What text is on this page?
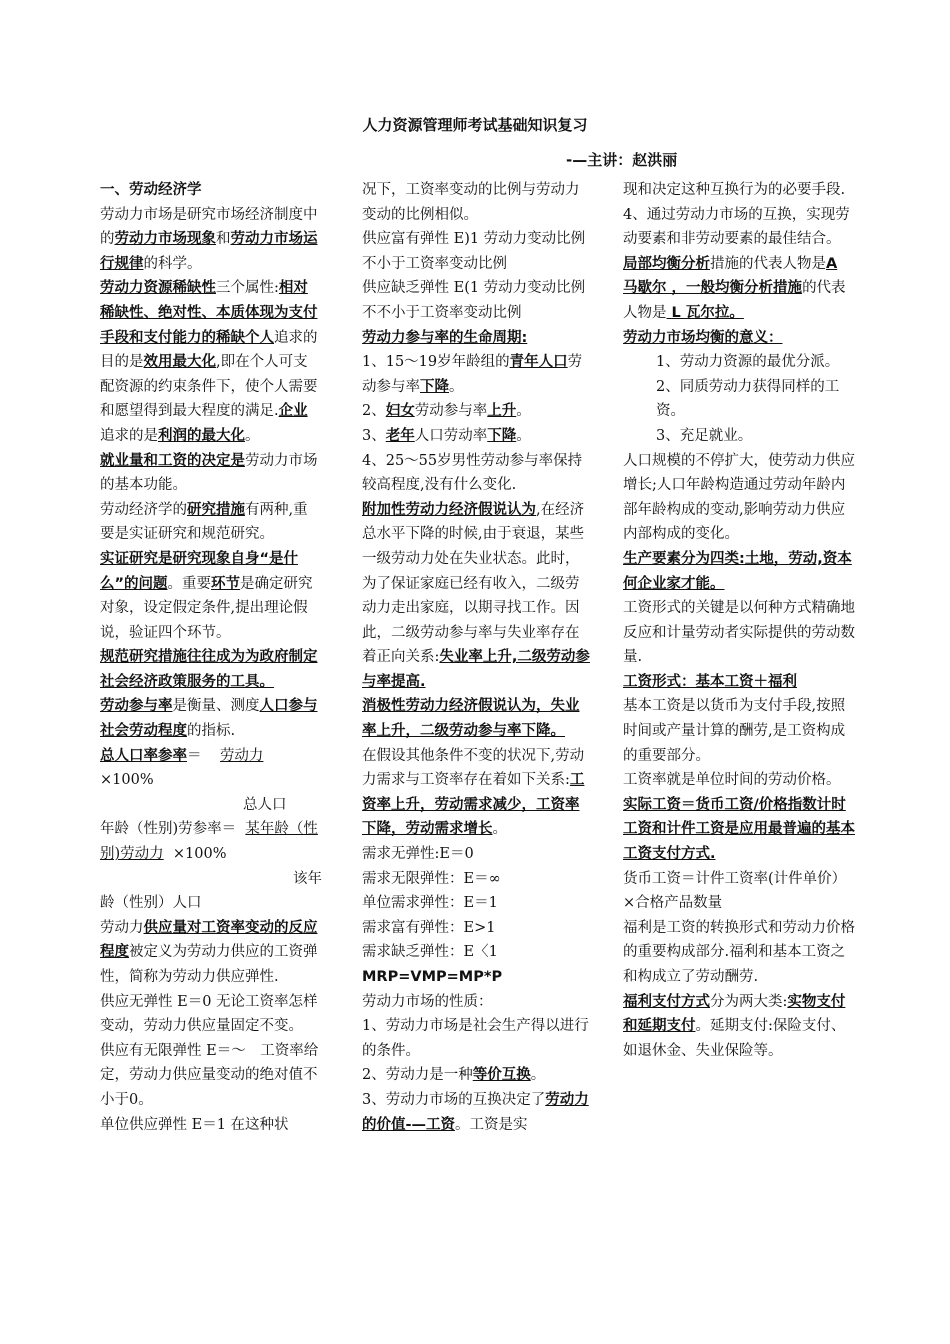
人力资源管理师考试基础知识复习
-—主讲：赵洪丽

一、劳动经济学

劳动力市场是研究市场经济制度中的劳动力市场现象和劳动力市场运行规律的科学。

劳动力资源稀缺性三个属性:相对稀缺性、绝对性、本质体现为支付手段和支付能力的稀缺个人追求的目的是效用最大化,即在个人可支配资源的约束条件下，使个人需要和愿望得到最大程度的满足.企业追求的是利润的最大化。

就业量和工资的决定是劳动力市场的基本功能。

劳动经济学的研究措施有两种,重要是实证研究和规范研究。

实证研究是研究现象自身“是什么”的问题。重要环节是确定研究对象，设定假定条件,提出理论假说，验证四个环节。

规范研究措施往往成为为政府制定社会经济政策服务的工具。

劳动参与率是衡量、测度人口参与社会劳动程度的指标.

总人口率参率＝ 劳动力
×100%

总人口

年龄（性别)劳参率＝ 某年龄（性别)劳动力 ×100%

该年

龄（性别）人口

劳动力供应量对工资率变动的反应程度被定义为劳动力供应的工资弹性，简称为劳动力供应弹性.

供应无弹性 E＝0 无论工资率怎样变动，劳动力供应量固定不变。

供应有无限弹性 E＝～　工资率给定，劳动力供应量变动的绝对值不小于0。

单位供应弹性 E＝1 在这种状

况下，工资率变动的比例与劳动力变动的比例相似。

供应富有弹性 E)1 劳动力变动比例不小于工资率变动比例

供应缺乏弹性 E(1 劳动力变动比例不不小于工资率变动比例

劳动力参与率的生命周期:

1、15～19岁年龄组的青年人口劳动参与率下降。

2、妇女劳动参与率上升。

3、老年人口劳动率下降。

4、25～55岁男性劳动参与率保持较高程度,没有什么变化.

附加性劳动力经济假说认为,在经济总水平下降的时候,由于衰退，某些一级劳动力处在失业状态。此时，为了保证家庭已经有收入，二级劳动力走出家庭，以期寻找工作。因此，二级劳动参与率与失业率存在着正向关系:失业率上升,二级劳动参与率提高.

消极性劳动力经济假说认为，失业率上升，二级劳动参与率下降。

在假设其他条件不变的状况下,劳动力需求与工资率存在着如下关系:工资率上升，劳动需求减少，工资率下降，劳动需求增长。

需求无弹性:E＝0

需求无限弹性：E＝∞

单位需求弹性：E＝1

需求富有弹性：E>1

需求缺乏弹性：E〈1

MRP=VMP=MP*P

劳动力市场的性质：

1、劳动力市场是社会生产得以进行的条件。

2、劳动力是一种等价互换。

3、劳动力市场的互换决定了劳动力的价值-—工资。工资是实

现和决定这种互换行为的必要手段.

4、通过劳动力市场的互换，实现劳动要素和非劳动要素的最佳结合。

局部均衡分析措施的代表人物是A 马歇尔 ，一般均衡分析措施的代表人物是 L 瓦尔拉。

劳动力市场均衡的意义：

1、劳动力资源的最优分派。

2、同质劳动力获得同样的工资。

3、充足就业。

人口规模的不停扩大，使劳动力供应增长;人口年龄构造通过劳动年龄内部年龄构成的变动,影响劳动力供应内部构成的变化。

生产要素分为四类:土地，劳动,资本何企业家才能。

工资形式的关键是以何种方式精确地反应和计量劳动者实际提供的劳动数量.

工资形式：基本工资＋福利

基本工资是以货币为支付手段,按照时间或产量计算的酬劳,是工资构成的重要部分。

工资率就是单位时间的劳动价格。

实际工资＝货币工资/价格指数计时工资和计件工资是应用最普遍的基本工资支付方式.

货币工资＝计件工资率(计件单价）×合格产品数量

福利是工资的转换形式和劳动力价格的重要构成部分.福利和基本工资之和构成立了劳动酬劳.

福利支付方式分为两大类:实物支付和延期支付。延期支付:保险支付、如退休金、失业保险等。
